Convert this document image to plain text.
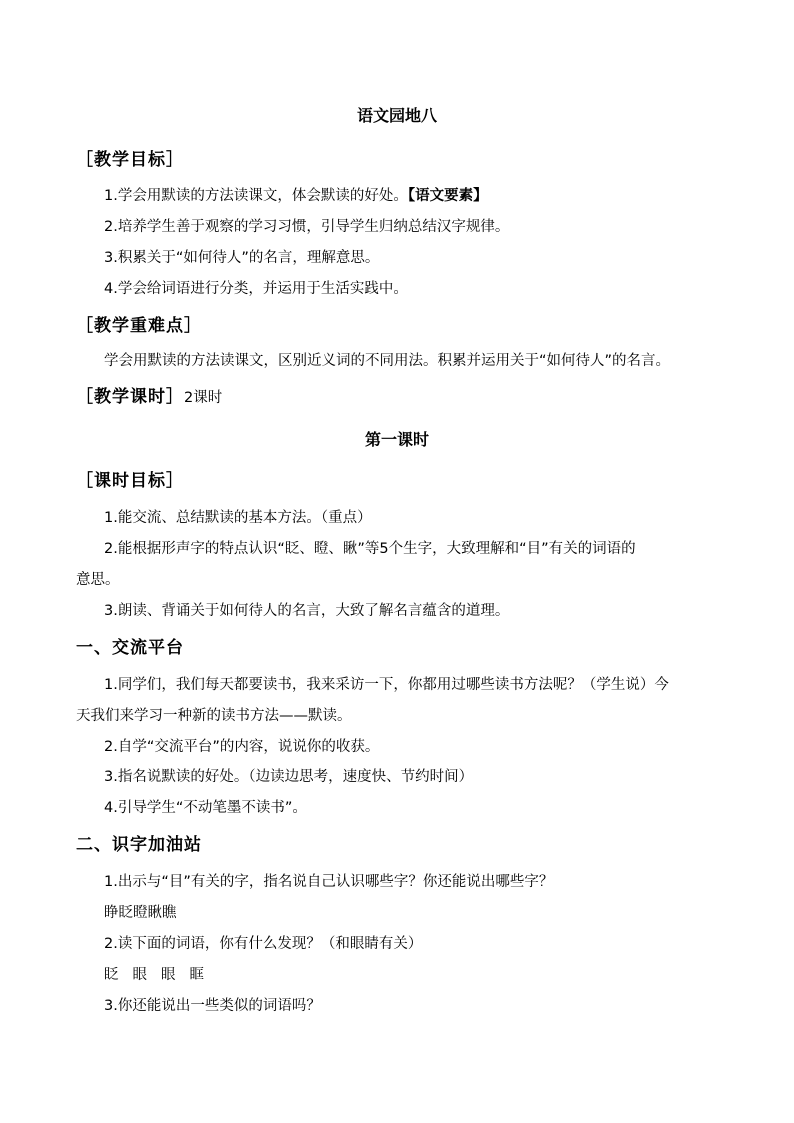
语文园地八
［教学目标］
1.学会用默读的方法读课文，体会默读的好处。【语文要素】
2.培养学生善于观察的学习习惯，引导学生归纳总结汉字规律。
3.积累关于“如何待人”的名言，理解意思。
4.学会给词语进行分类，并运用于生活实践中。
［教学重难点］
学会用默读的方法读课文，区别近义词的不同用法。积累并运用关于“如何待人”的名言。
［教学课时］2课时
第一课时
［课时目标］
1.能交流、总结默读的基本方法。（重点）
2.能根据形声字的特点认识“眨、瞪、瞅”等5个生字，大致理解和“目”有关的词语的
意思。
3.朗读、背诵关于如何待人的名言，大致了解名言蕴含的道理。
一、交流平台
1.同学们，我们每天都要读书，我来采访一下，你都用过哪些读书方法呢？（学生说）今
天我们来学习一种新的读书方法——默读。
2.自学“交流平台”的内容，说说你的收获。
3.指名说默读的好处。（边读边思考，速度快、节约时间）
4.引导学生“不动笔墨不读书”。
二、识字加油站
1.出示与“目”有关的字，指名说自己认识哪些字？你还能说出哪些字？
睁眨瞪瞅瞧
2.读下面的词语，你有什么发现？（和眼睛有关）
眨 眼 眼 眶
3.你还能说出一些类似的词语吗？
